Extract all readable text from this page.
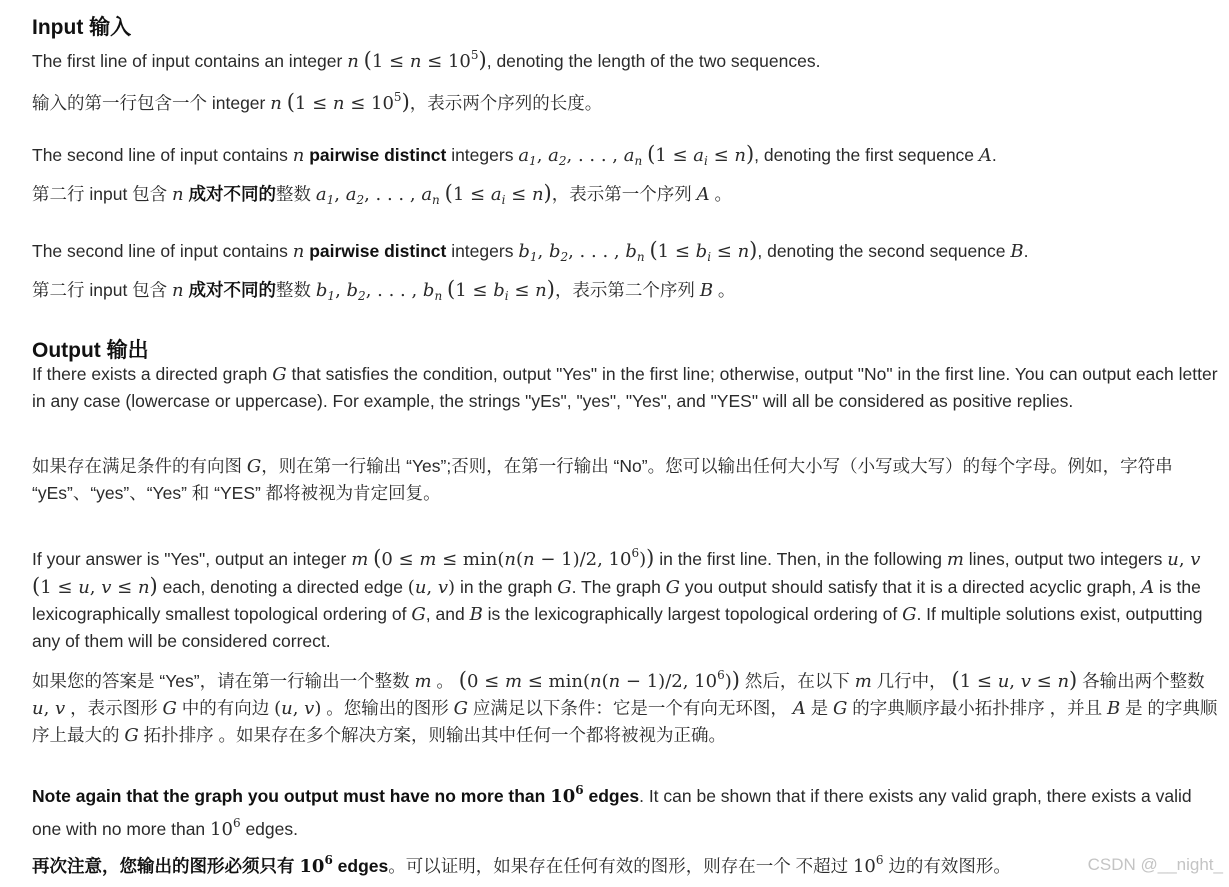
Input 输入
The first line of input contains an integer n $(1 \le n \le 10^5)$, denoting the length of the two sequences.
输入的第一行包含一个 integer n $(1 \le n \le 10^5)$，表示两个序列的长度。
The second line of input contains n pairwise distinct integers $a_1$, $a_2$, . . . , $a_n$ $(1 \le a_i \le n)$, denoting the first sequence A.
第二行 input 包含 n 成对不同的整数 $a_1$, $a_2$, . . . , $a_n$ $(1 \le a_i \le n)$，表示第一个序列 A 。
The second line of input contains n pairwise distinct integers $b_1$, $b_2$, . . . , $b_n$ $(1 \le b_i \le n)$, denoting the second sequence B.
第二行 input 包含 n 成对不同的整数 $b_1$, $b_2$, . . . , $b_n$ $(1 \le b_i \le n)$，表示第二个序列 B 。
Output 输出
If there exists a directed graph G that satisfies the condition, output "Yes" in the first line; otherwise, output "No" in the first line. You can output each letter in any case (lowercase or uppercase). For example, the strings "yEs", "yes", "Yes", and "YES" will all be considered as positive replies.
如果存在满足条件的有向图 G，则在第一行输出 “Yes”;否则，在第一行输出 “No”。您可以输出任何大小写（小写或大写）的每个字母。例如，字符串 “yEs”、“yes”、“Yes” 和 “YES” 都将被视为肯定回复。
If your answer is "Yes", output an integer m (0 ≤ m ≤ min(n(n − 1)/2, $10^6$)) in the first line. Then, in the following m lines, output two integers u, v (1 ≤ u, v ≤ n) each, denoting a directed edge (u, v) in the graph G. The graph G you output should satisfy that it is a directed acyclic graph, A is the lexicographically smallest topological ordering of G, and B is the lexicographically largest topological ordering of G. If multiple solutions exist, outputting any of them will be considered correct.
如果您的答案是 “Yes”，请在第一行输出一个整数 m 。 (0 ≤ m ≤ min(n(n − 1)/2, $10^6$)) 然后，在以下 m 几行中， (1 ≤ u, v ≤ n) 各输出两个整数 u, v ，表示图形 G 中的有向边 (u, v) 。您输出的图形 G 应满足以下条件：它是一个有向无环图， A 是 G 的字典顺序最小拓扑排序 ，并且 B 是 的字典顺序上最大的 G 拓扑排序 。如果存在多个解决方案，则输出其中任何一个都将被视为正确。
Note again that the graph you output must have no more than $10^6$ edges. It can be shown that if there exists any valid graph, there exists a valid one with no more than $10^6$ edges.
再次注意，您输出的图形必须只有 $10^6$ edges。可以证明，如果存在任何有效的图形，则存在一个 不超过 $10^6$ 边的有效图形。	CSDN @__night_
